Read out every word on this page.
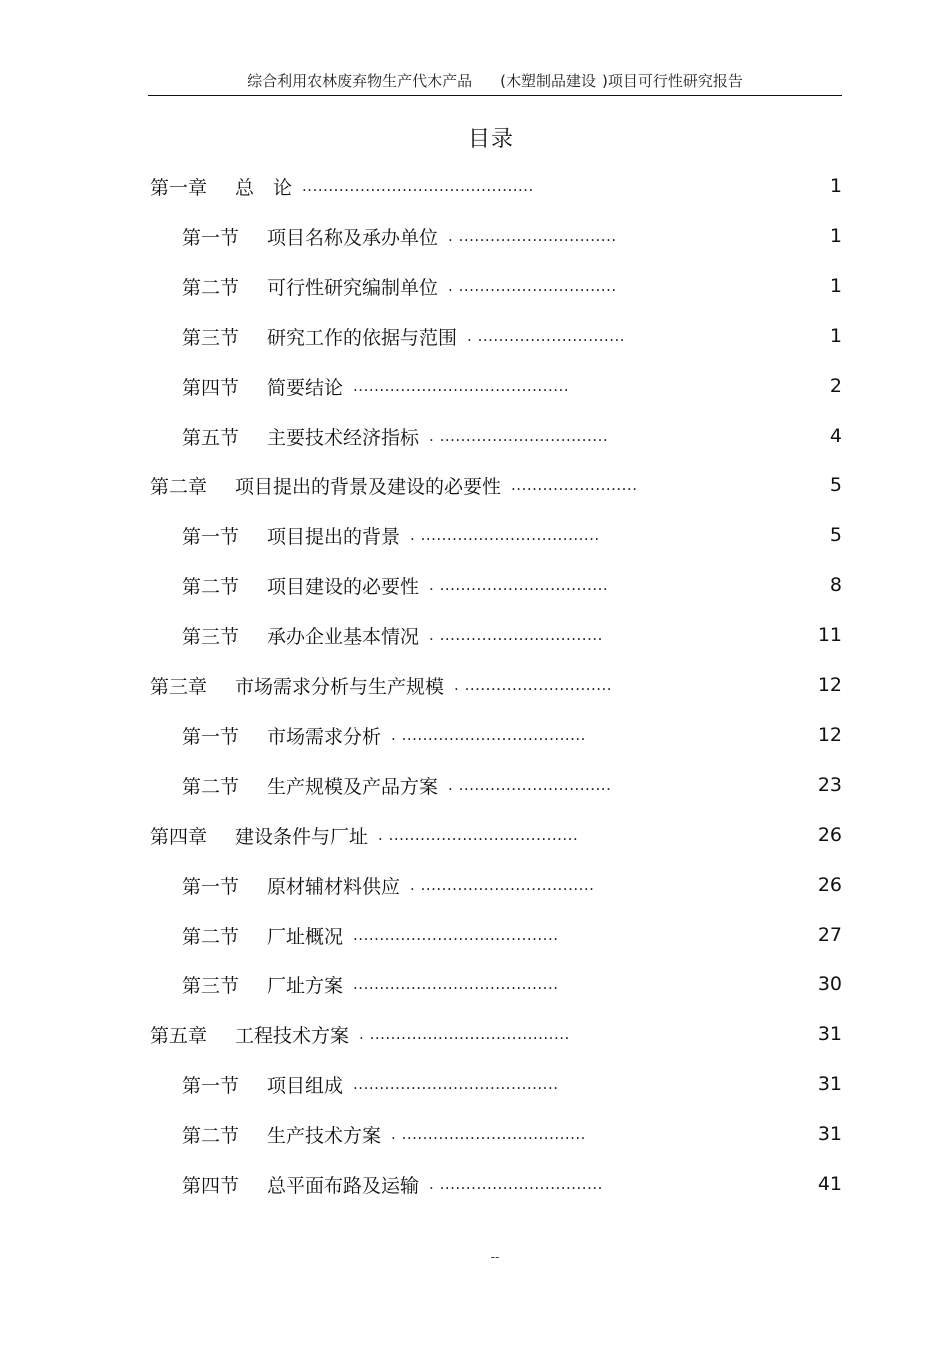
综合利用农林废弃物生产代木产品 (木塑制品建设 )项目可行性研究报告
目录
第一章 总　论 ............................................	1
第一节 项目名称及承办单位 . ..............................	1
第二节 可行性研究编制单位 . ..............................	1
第三节 研究工作的依据与范围 . ............................	1
第四节 简要结论 .........................................	2
第五节 主要技术经济指标 . ................................	4
第二章 项目提出的背景及建设的必要性 ........................	5
第一节 项目提出的背景 . ..................................	5
第二节 项目建设的必要性 . ................................	8
第三节 承办企业基本情况 . ...............................	11
第三章 市场需求分析与生产规模 . ............................	12
第一节 市场需求分析 . ...................................	12
第二节 生产规模及产品方案 . .............................	23
第四章 建设条件与厂址 . ....................................	26
第一节 原材辅材料供应 . .................................	26
第二节 厂址概况 .......................................	27
第三节 厂址方案 .......................................	30
第五章 工程技术方案 . ......................................	31
第一节 项目组成 .......................................	31
第二节 生产技术方案 . ...................................	31
第四节 总平面布路及运输 . ...............................	41
--
